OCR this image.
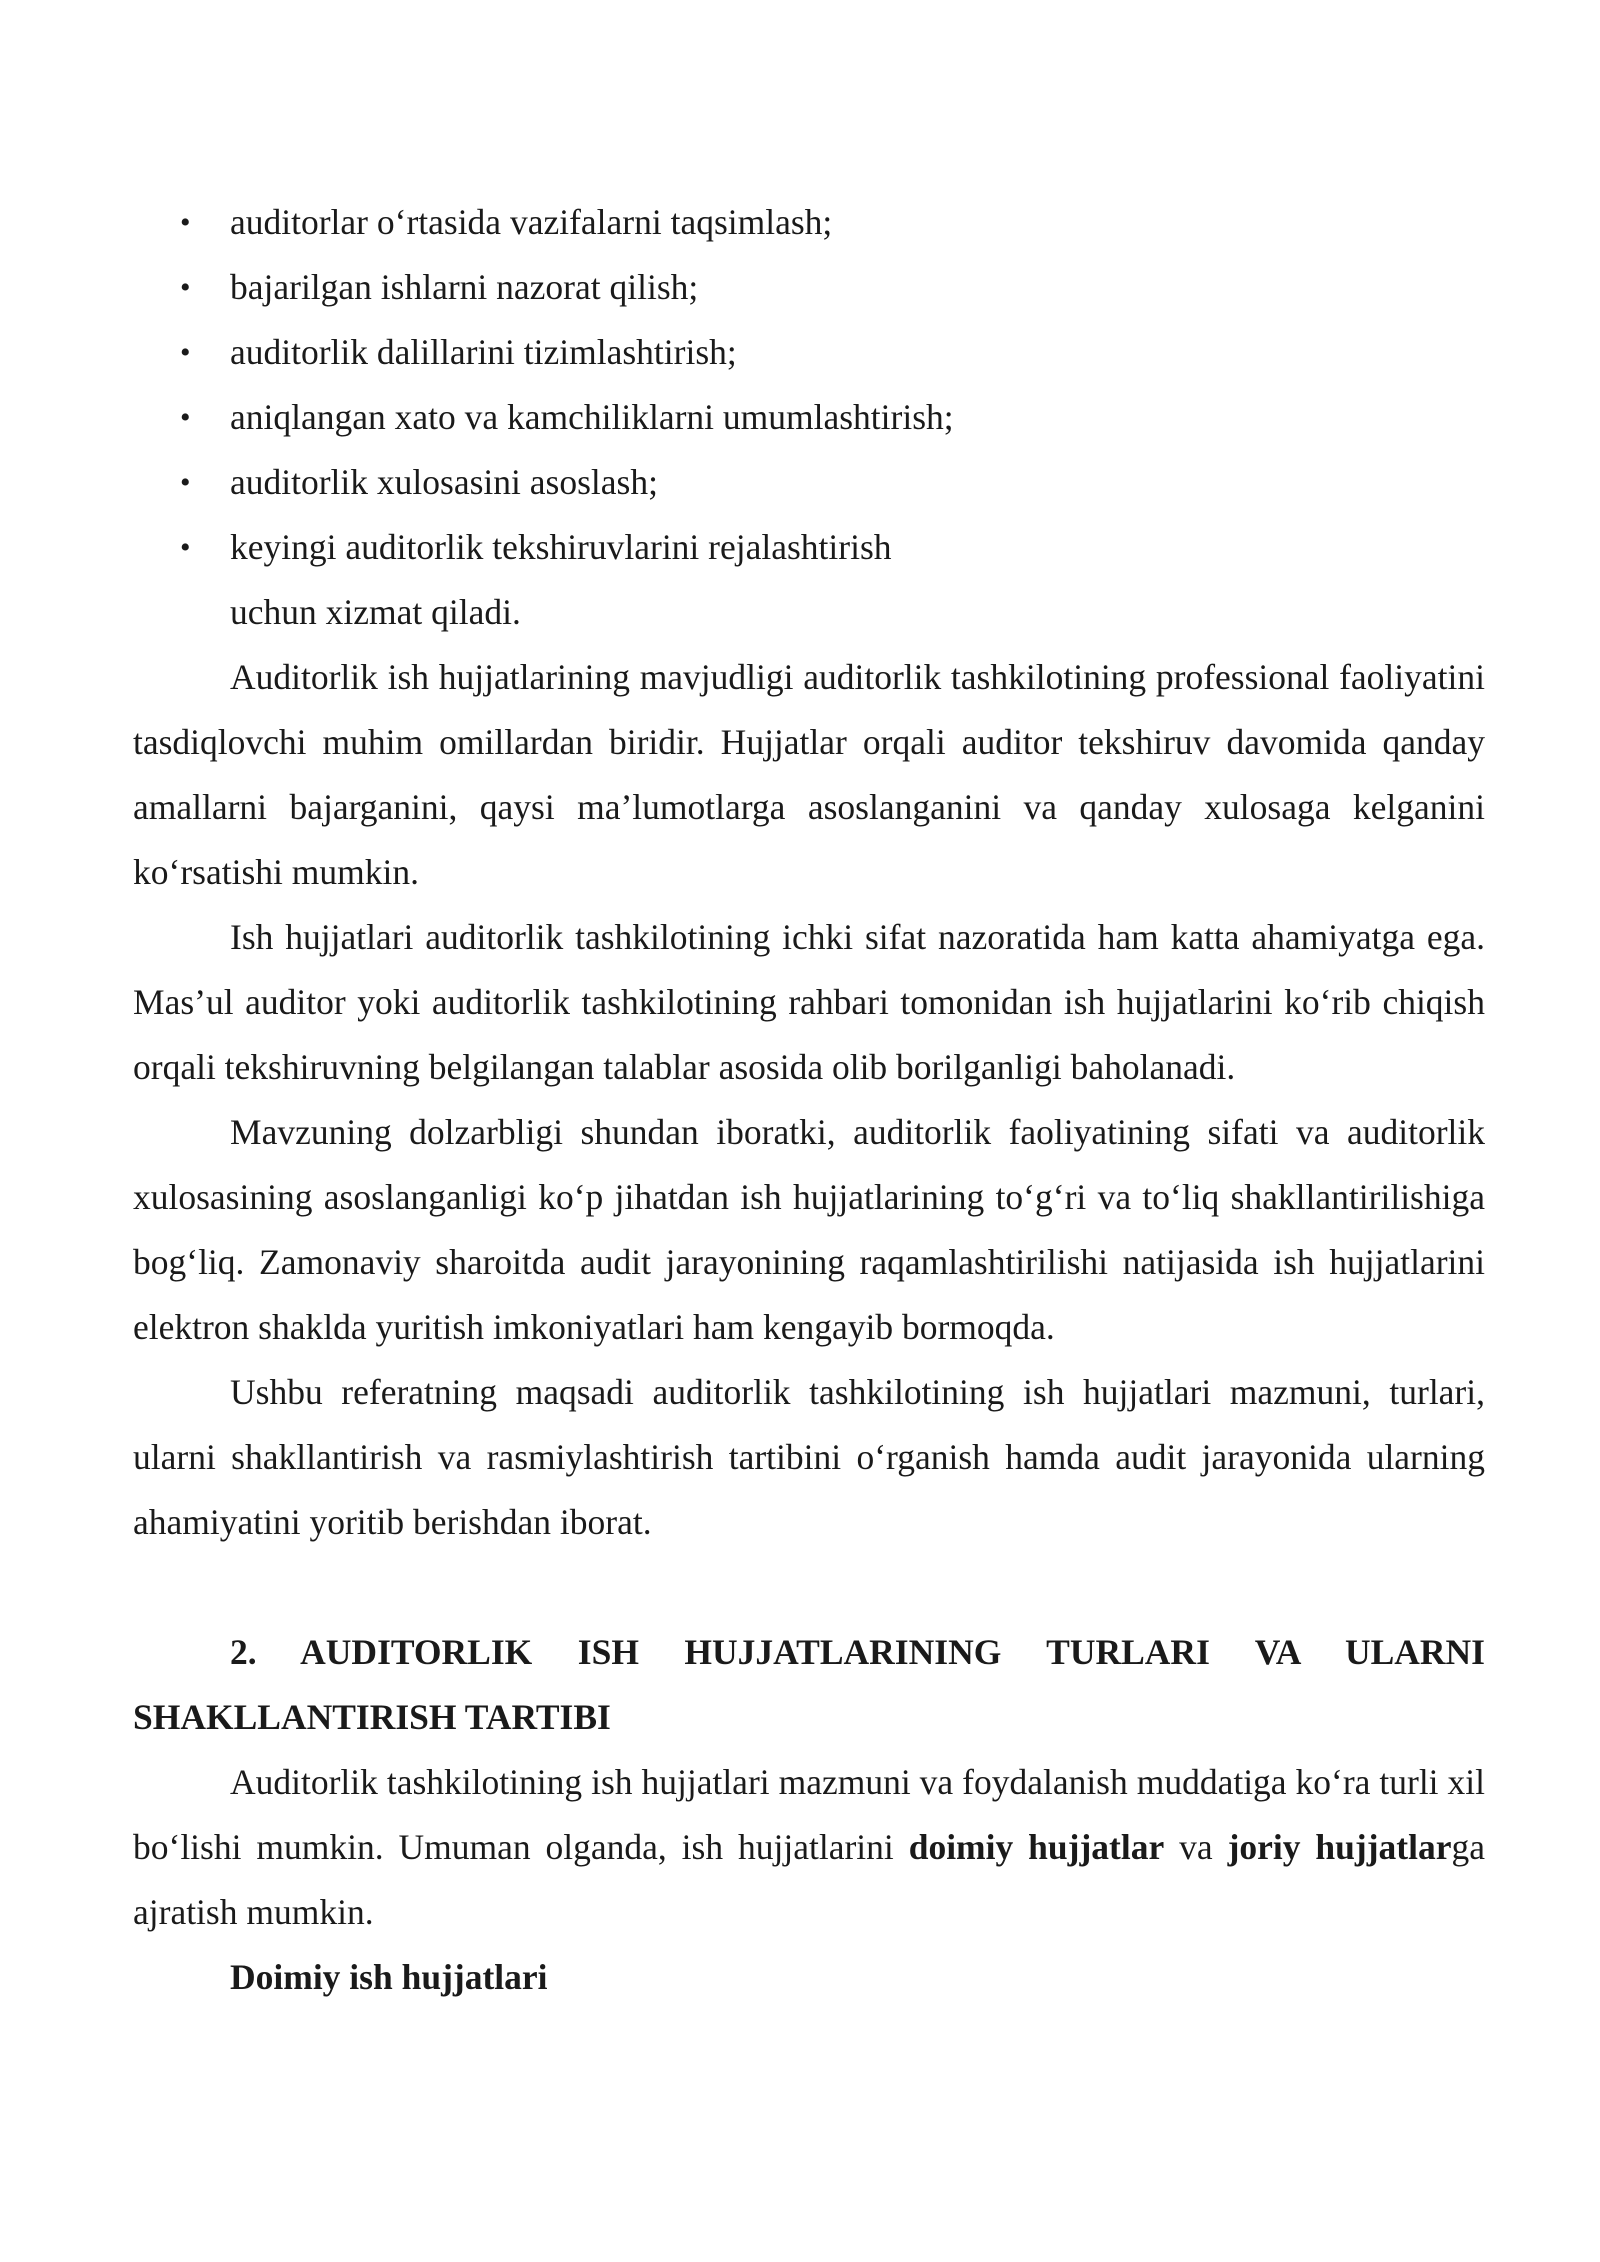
• auditorlar o‘rtasida vazifalarni taqsimlash;
• bajarilgan ishlarni nazorat qilish;
• auditorlik dalillarini tizimlashtirish;
• aniqlangan xato va kamchiliklarni umumlashtirish;
• auditorlik xulosasini asoslash;
• keyingi auditorlik tekshiruvlarini rejalashtirish

uchun xizmat qiladi.

Auditorlik ish hujjatlarining mavjudligi auditorlik tashkilotining professional faoliyatini tasdiqlovchi muhim omillardan biridir. Hujjatlar orqali auditor tekshiruv davomida qanday amallarni bajarganini, qaysi ma’lumotlarga asoslanganini va qanday xulosaga kelganini ko‘rsatishi mumkin.

Ish hujjatlari auditorlik tashkilotining ichki sifat nazoratida ham katta ahamiyatga ega. Mas’ul auditor yoki auditorlik tashkilotining rahbari tomonidan ish hujjatlarini ko‘rib chiqish orqali tekshiruvning belgilangan talablar asosida olib borilganligi baholanadi.

Mavzuning dolzarbligi shundan iboratki, auditorlik faoliyatining sifati va auditorlik xulosasining asoslanganligi ko‘p jihatdan ish hujjatlarining to‘g‘ri va to‘liq shakllantirilishiga bog‘liq. Zamonaviy sharoitda audit jarayonining raqamlashtirilishi natijasida ish hujjatlarini elektron shaklda yuritish imkoniyatlari ham kengayib bormoqda.

Ushbu referatning maqsadi auditorlik tashkilotining ish hujjatlari mazmuni, turlari, ularni shakllantirish va rasmiylashtirish tartibini o‘rganish hamda audit jarayonida ularning ahamiyatini yoritib berishdan iborat.

2. AUDITORLIK ISH HUJJATLARINING TURLARI VA ULARNI SHAKLLANTIRISH TARTIBI

Auditorlik tashkilotining ish hujjatlari mazmuni va foydalanish muddatiga ko‘ra turli xil bo‘lishi mumkin. Umuman olganda, ish hujjatlarini doimiy hujjatlar va joriy hujjatlarga ajratish mumkin.

Doimiy ish hujjatlari
